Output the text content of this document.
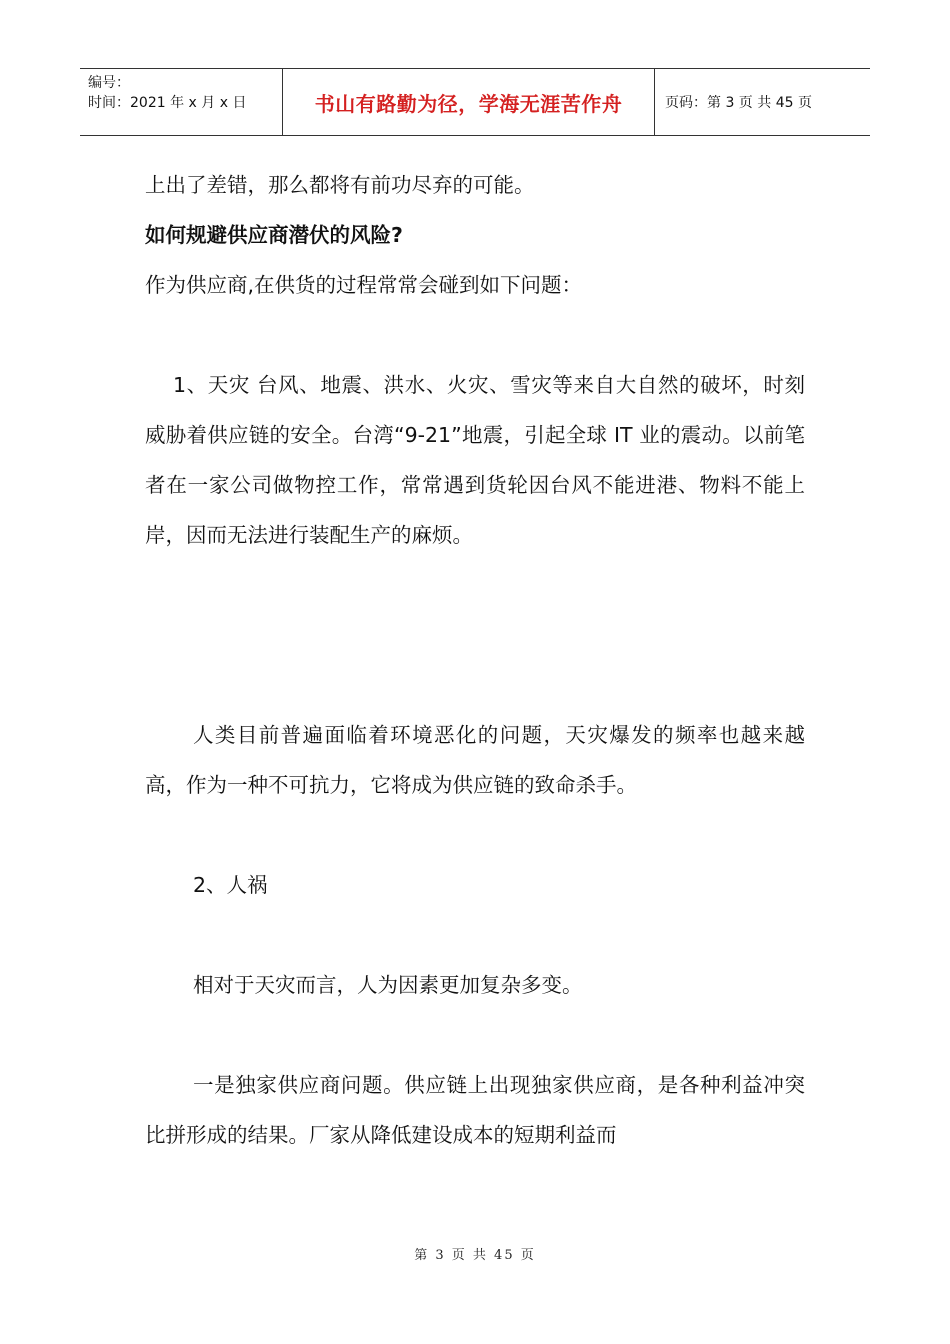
编号：
时间：2021 年 x 月 x 日	书山有路勤为径，学海无涯苦作舟	页码：第 3 页 共 45 页

上出了差错，那么都将有前功尽弃的可能。

如何规避供应商潜伏的风险?

作为供应商,在供货的过程常常会碰到如下问题：

1、天灾 台风、地震、洪水、火灾、雪灾等来自大自然的破坏，时刻威胁着供应链的安全。台湾“9-21”地震，引起全球 IT 业的震动。以前笔者在一家公司做物控工作，常常遇到货轮因台风不能进港、物料不能上岸，因而无法进行装配生产的麻烦。

人类目前普遍面临着环境恶化的问题，天灾爆发的频率也越来越高，作为一种不可抗力，它将成为供应链的致命杀手。

2、人祸

相对于天灾而言，人为因素更加复杂多变。

一是独家供应商问题。供应链上出现独家供应商，是各种利益冲突比拼形成的结果。厂家从降低建设成本的短期利益而

第 3 页 共 45 页
